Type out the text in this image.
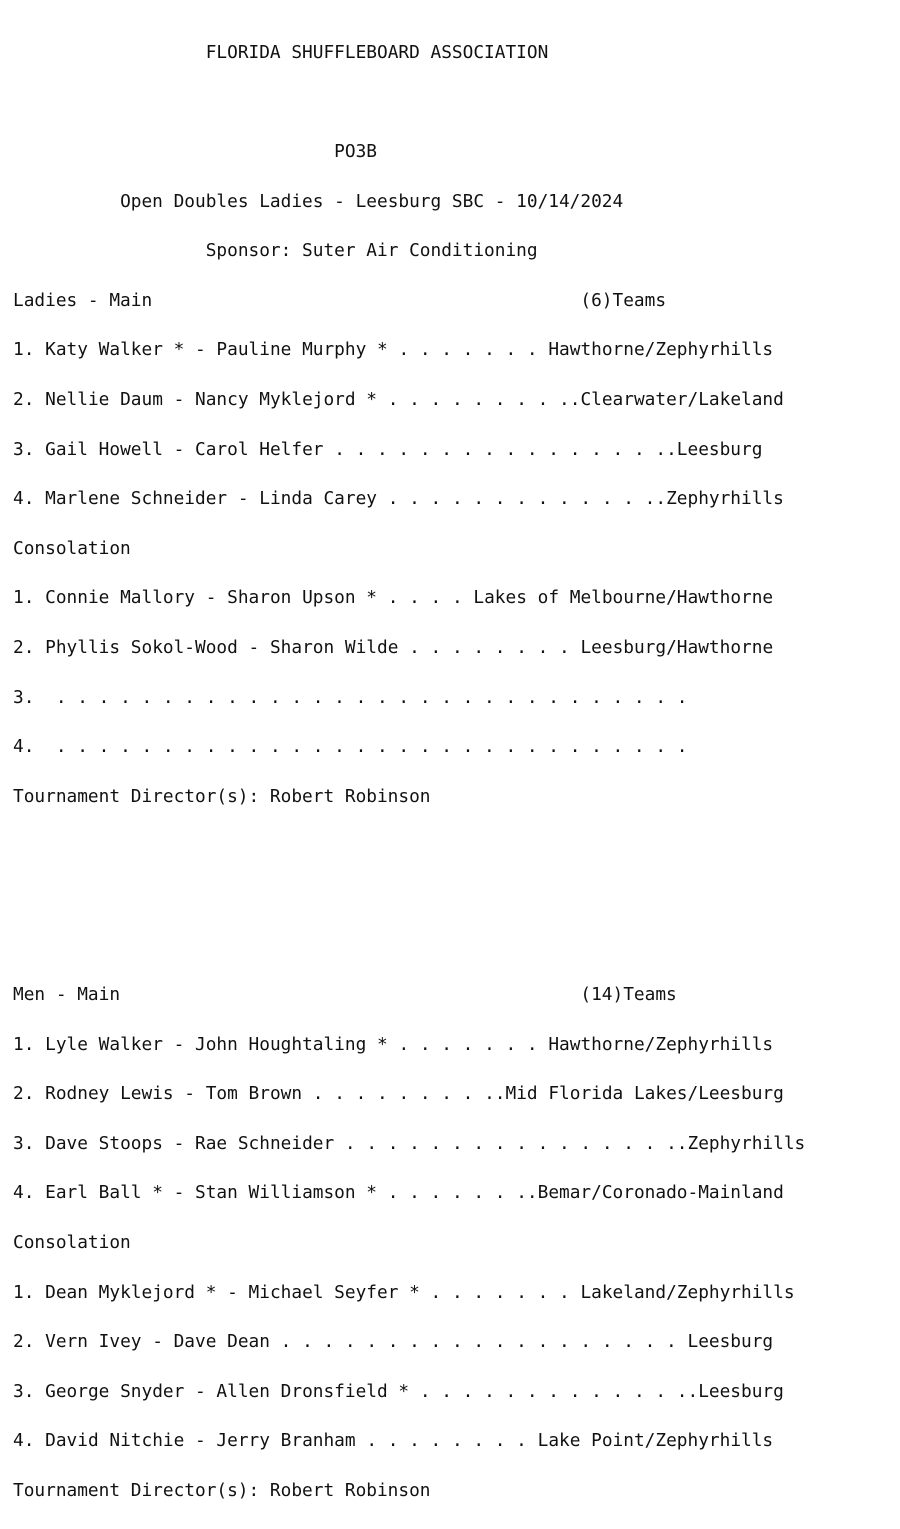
FLORIDA SHUFFLEBOARD ASSOCIATION

PO3B

Open Doubles Ladies - Leesburg SBC - 10/14/2024

Sponsor: Suter Air Conditioning

Ladies - Main	(6)Teams

1. Katy Walker * - Pauline Murphy * . . . . . . . Hawthorne/Zephyrhills

2. Nellie Daum - Nancy Myklejord * . . . . . . . . ..Clearwater/Lakeland

3. Gail Howell - Carol Helfer . . . . . . . . . . . . . . . ..Leesburg

4. Marlene Schneider - Linda Carey . . . . . . . . . . . . ..Zephyrhills

Consolation

1. Connie Mallory - Sharon Upson * . . . . Lakes of Melbourne/Hawthorne

2. Phyllis Sokol-Wood - Sharon Wilde . . . . . . . . Leesburg/Hawthorne

3. . . . . . . . . . . . . . . . . . . . . . . . . . . . . . .

4. . . . . . . . . . . . . . . . . . . . . . . . . . . . . . .

Tournament Director(s): Robert Robinson

Men - Main	(14)Teams

1. Lyle Walker - John Houghtaling * . . . . . . . Hawthorne/Zephyrhills

2. Rodney Lewis - Tom Brown . . . . . . . . ..Mid Florida Lakes/Leesburg

3. Dave Stoops - Rae Schneider . . . . . . . . . . . . . . . ..Zephyrhills

4. Earl Ball * - Stan Williamson * . . . . . . ..Bemar/Coronado-Mainland

Consolation

1. Dean Myklejord * - Michael Seyfer * . . . . . . . Lakeland/Zephyrhills

2. Vern Ivey - Dave Dean . . . . . . . . . . . . . . . . . . . Leesburg

3. George Snyder - Allen Dronsfield * . . . . . . . . . . . . ..Leesburg

4. David Nitchie - Jerry Branham . . . . . . . . Lake Point/Zephyrhills

Tournament Director(s): Robert Robinson
